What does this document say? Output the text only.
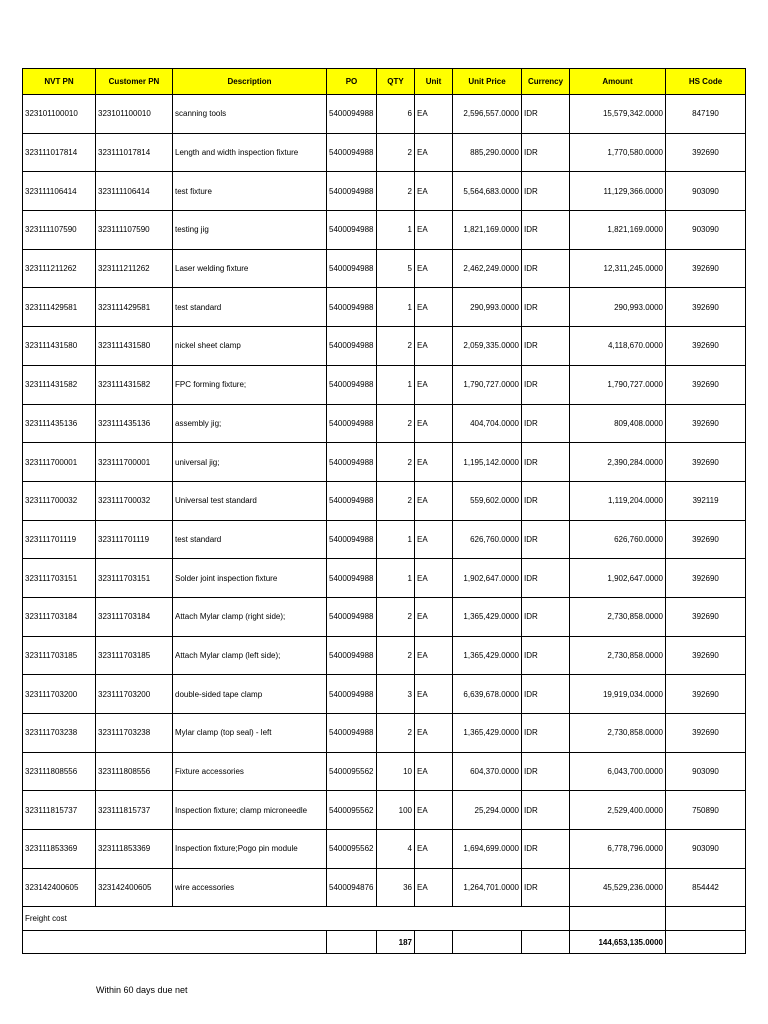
NVT PN	Customer PN	Description	PO	QTY	Unit	Unit Price	Currency	Amount	HS Code
323101100010	323101100010	scanning tools	5400094988	6	EA	2,596,557.0000	IDR	15,579,342.0000	847190
323111017814	323111017814	Length and width inspection fixture	5400094988	2	EA	885,290.0000	IDR	1,770,580.0000	392690
323111106414	323111106414	test fixture	5400094988	2	EA	5,564,683.0000	IDR	11,129,366.0000	903090
323111107590	323111107590	testing jig	5400094988	1	EA	1,821,169.0000	IDR	1,821,169.0000	903090
323111211262	323111211262	Laser welding fixture	5400094988	5	EA	2,462,249.0000	IDR	12,311,245.0000	392690
323111429581	323111429581	test standard	5400094988	1	EA	290,993.0000	IDR	290,993.0000	392690
323111431580	323111431580	nickel sheet clamp	5400094988	2	EA	2,059,335.0000	IDR	4,118,670.0000	392690
323111431582	323111431582	FPC forming fixture;	5400094988	1	EA	1,790,727.0000	IDR	1,790,727.0000	392690
323111435136	323111435136	assembly jig;	5400094988	2	EA	404,704.0000	IDR	809,408.0000	392690
323111700001	323111700001	universal jig;	5400094988	2	EA	1,195,142.0000	IDR	2,390,284.0000	392690
323111700032	323111700032	Universal test standard	5400094988	2	EA	559,602.0000	IDR	1,119,204.0000	392119
323111701119	323111701119	test standard	5400094988	1	EA	626,760.0000	IDR	626,760.0000	392690
323111703151	323111703151	Solder joint inspection fixture	5400094988	1	EA	1,902,647.0000	IDR	1,902,647.0000	392690
323111703184	323111703184	Attach Mylar clamp (right side);	5400094988	2	EA	1,365,429.0000	IDR	2,730,858.0000	392690
323111703185	323111703185	Attach Mylar clamp (left side);	5400094988	2	EA	1,365,429.0000	IDR	2,730,858.0000	392690
323111703200	323111703200	double-sided tape clamp	5400094988	3	EA	6,639,678.0000	IDR	19,919,034.0000	392690
323111703238	323111703238	Mylar clamp (top seal) - left	5400094988	2	EA	1,365,429.0000	IDR	2,730,858.0000	392690
323111808556	323111808556	Fixture accessories	5400095562	10	EA	604,370.0000	IDR	6,043,700.0000	903090
323111815737	323111815737	Inspection fixture; clamp microneedle	5400095562	100	EA	25,294.0000	IDR	2,529,400.0000	750890
323111853369	323111853369	Inspection fixture;Pogo pin module	5400095562	4	EA	1,694,699.0000	IDR	6,778,796.0000	903090
323142400605	323142400605	wire accessories	5400094876	36	EA	1,264,701.0000	IDR	45,529,236.0000	854442
Freight cost									
				187				144,653,135.0000	
Within 60 days due net
